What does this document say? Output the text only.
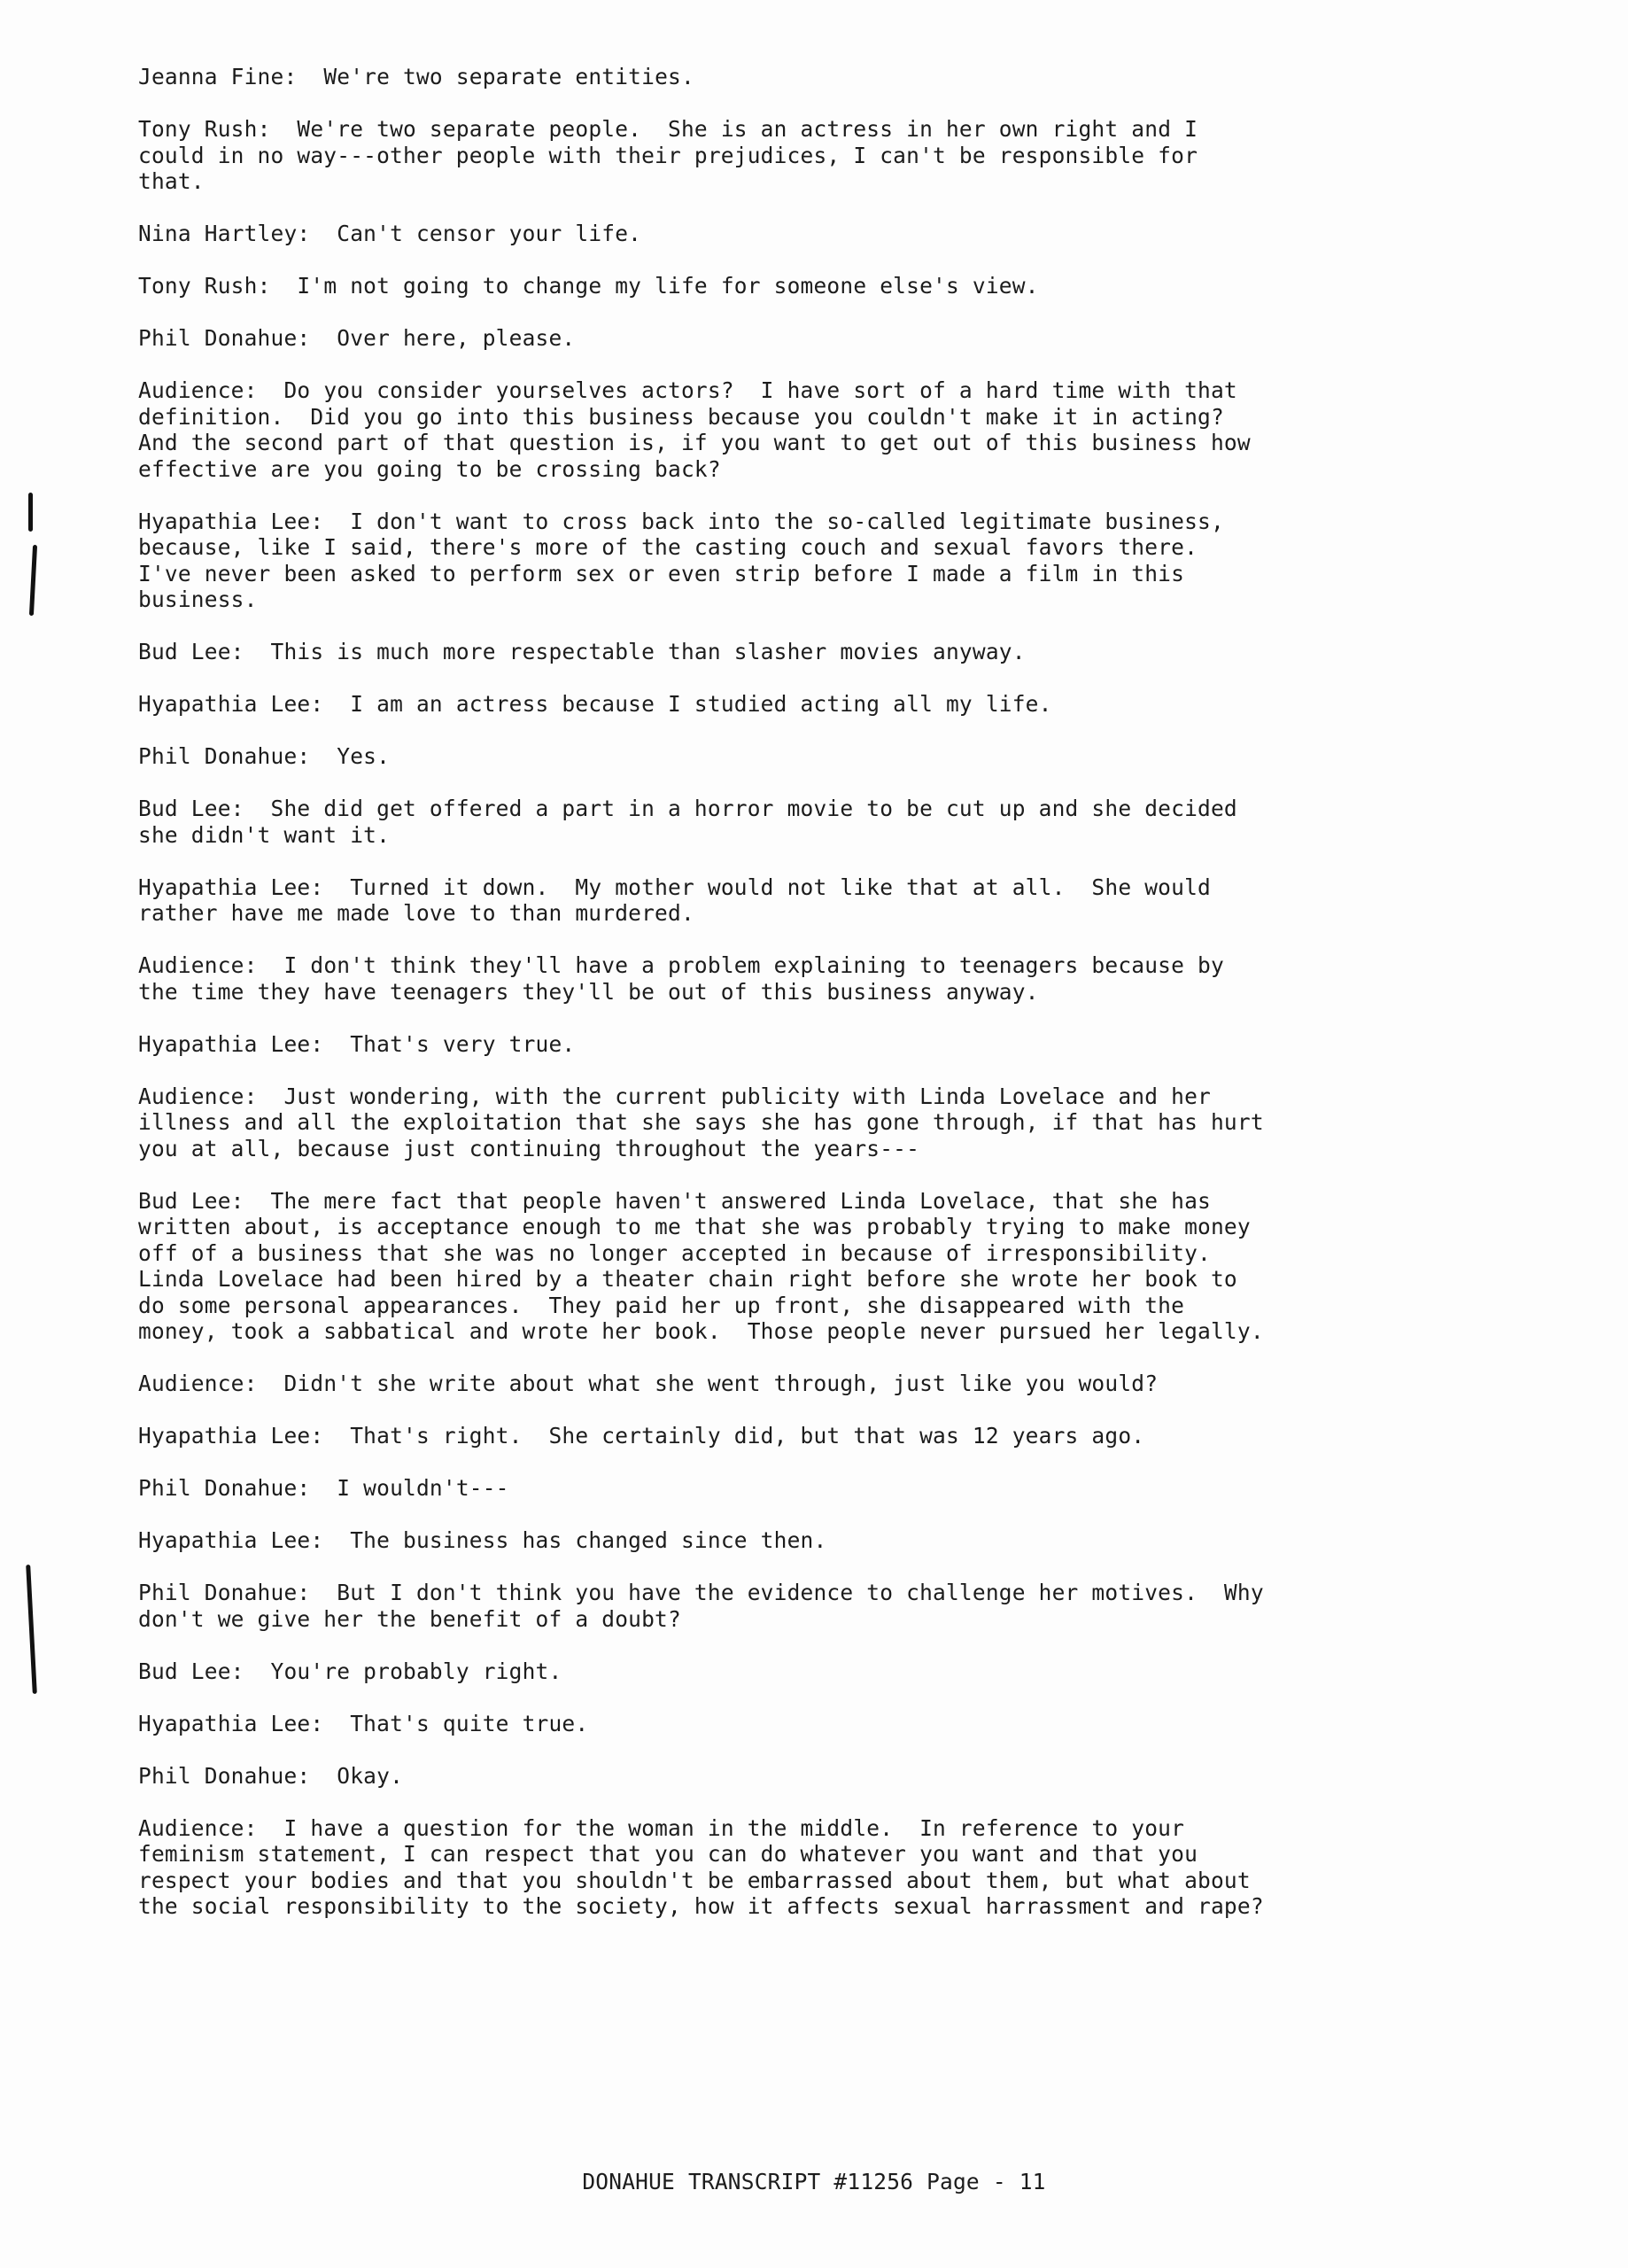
Jeanna Fine : We're two separate entities.
Tony Rush : We're two separate people.  She is an actress in her own right and I
could in no way---other people with their prejudices, I can't be responsible for
that.
Nina Hartley : Can't censor your life.
Tony Rush : I'm not going to change my life for someone else's view.
Phil Donahue : Over here, please.
Audience : Do you consider yourselves actors?  I have sort of a hard time with that
definition.  Did you go into this business because you couldn't make it in acting?
And the second part of that question is, if you want to get out of this business how
effective are you going to be crossing back?
Hyapathia Lee : I don't want to cross back into the so-called legitimate business,
because, like I said, there's more of the casting couch and sexual favors there.
I've never been asked to perform sex or even strip before I made a film in this
business.
Bud Lee : This is much more respectable than slasher movies anyway.
Hyapathia Lee : I am an actress because I studied acting all my life.
Phil Donahue : Yes.
Bud Lee : She did get offered a part in a horror movie to be cut up and she decided
she didn't want it.
Hyapathia Lee : Turned it down.  My mother would not like that at all.  She would
rather have me made love to than murdered.
Audience : I don't think they'll have a problem explaining to teenagers because by
the time they have teenagers they'll be out of this business anyway.
Hyapathia Lee : That's very true.
Audience : Just wondering, with the current publicity with Linda Lovelace and her
illness and all the exploitation that she says she has gone through, if that has hurt
you at all, because just continuing throughout the years---
Bud Lee : The mere fact that people haven't answered Linda Lovelace, that she has
written about, is acceptance enough to me that she was probably trying to make money
off of a business that she was no longer accepted in because of irresponsibility.
Linda Lovelace had been hired by a theater chain right before she wrote her book to
do some personal appearances.  They paid her up front, she disappeared with the
money, took a sabbatical and wrote her book.  Those people never pursued her legally.
Audience : Didn't she write about what she went through, just like you would?
Hyapathia Lee : That's right.  She certainly did, but that was 12 years ago.
Phil Donahue : I wouldn't---
Hyapathia Lee : The business has changed since then.
Phil Donahue : But I don't think you have the evidence to challenge her motives.  Why
don't we give her the benefit of a doubt?
Bud Lee : You're probably right.
Hyapathia Lee : That's quite true.
Phil Donahue : Okay.
Audience : I have a question for the woman in the middle.  In reference to your
feminism statement, I can respect that you can do whatever you want and that you
respect your bodies and that you shouldn't be embarrassed about them, but what about
the social responsibility to the society, how it affects sexual harrassment and rape?
DONAHUE TRANSCRIPT #11256 Page - 11
